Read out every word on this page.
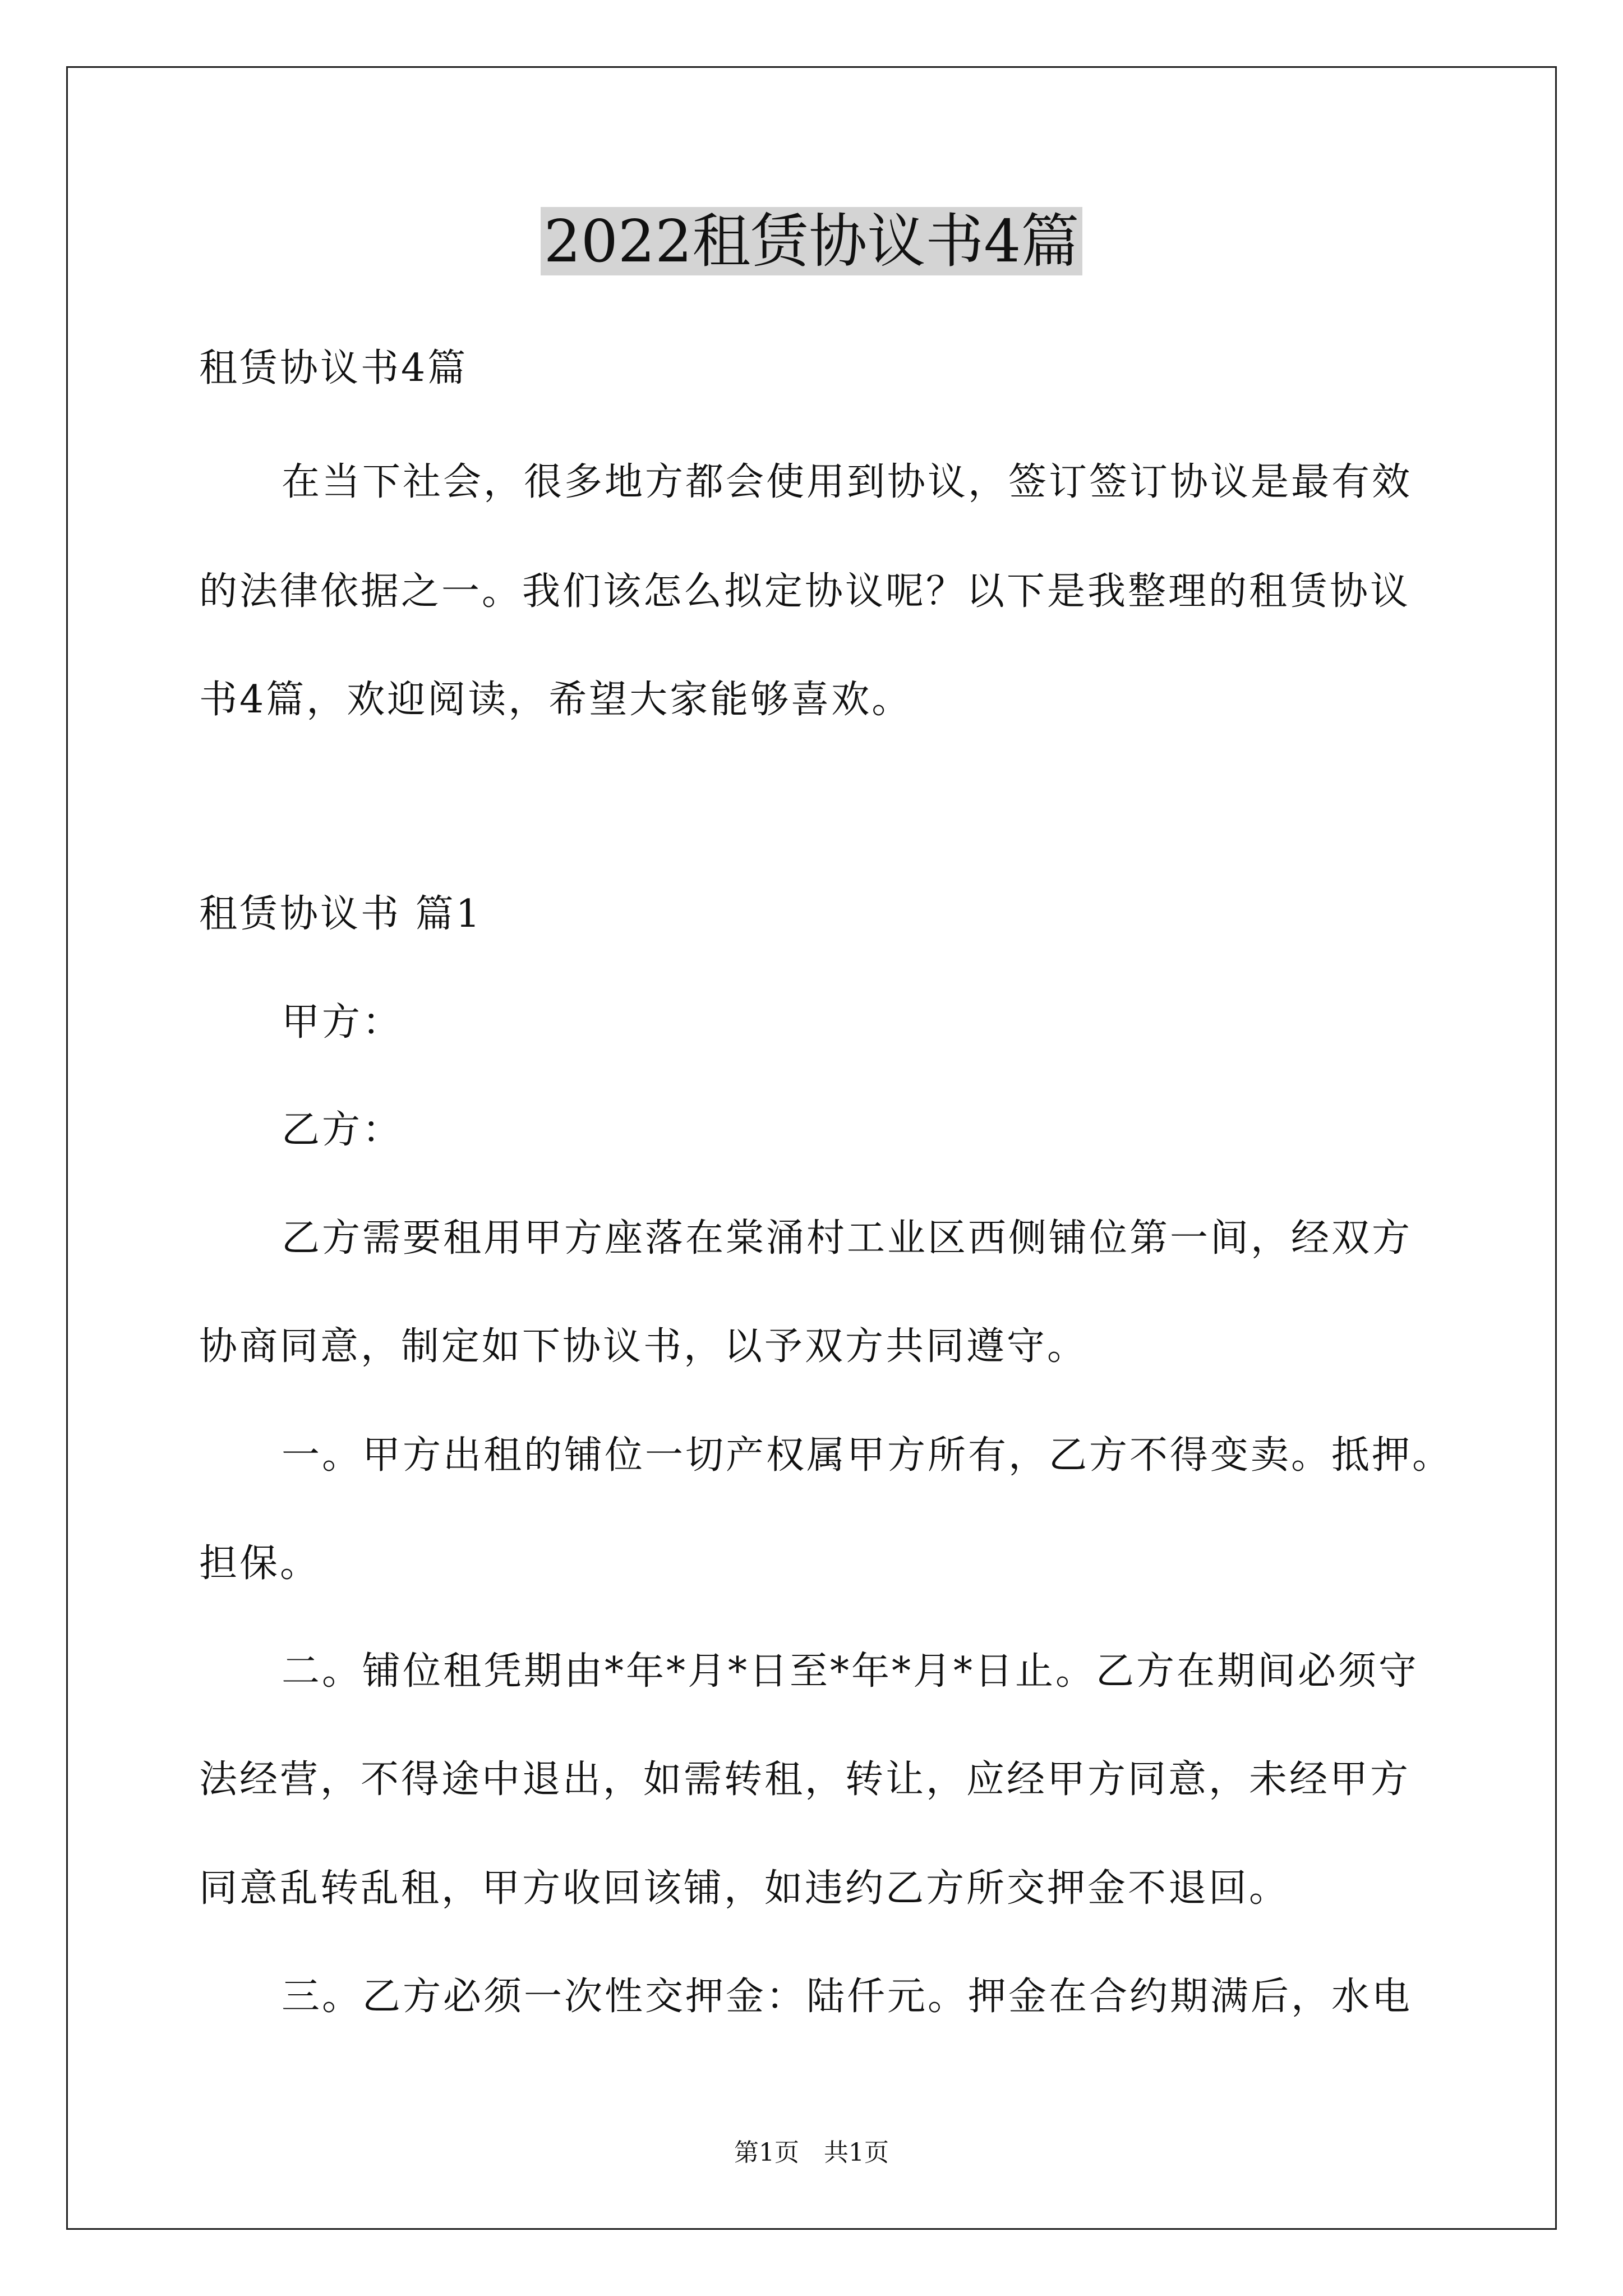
2022租赁协议书4篇

租赁协议书4篇

在当下社会，很多地方都会使用到协议，签订签订协议是最有效

的法律依据之一。我们该怎么拟定协议呢？以下是我整理的租赁协议

书4篇，欢迎阅读，希望大家能够喜欢。

租赁协议书 篇1

甲方：

乙方：

乙方需要租用甲方座落在棠涌村工业区西侧铺位第一间，经双方

协商同意，制定如下协议书，以予双方共同遵守。

一。甲方出租的铺位一切产权属甲方所有，乙方不得变卖。抵押。

担保。

二。铺位租凭期由*年*月*日至*年*月*日止。乙方在期间必须守

法经营，不得途中退出，如需转租，转让，应经甲方同意，未经甲方

同意乱转乱租，甲方收回该铺，如违约乙方所交押金不退回。

三。乙方必须一次性交押金：陆仟元。押金在合约期满后，水电

第1页　共1页
